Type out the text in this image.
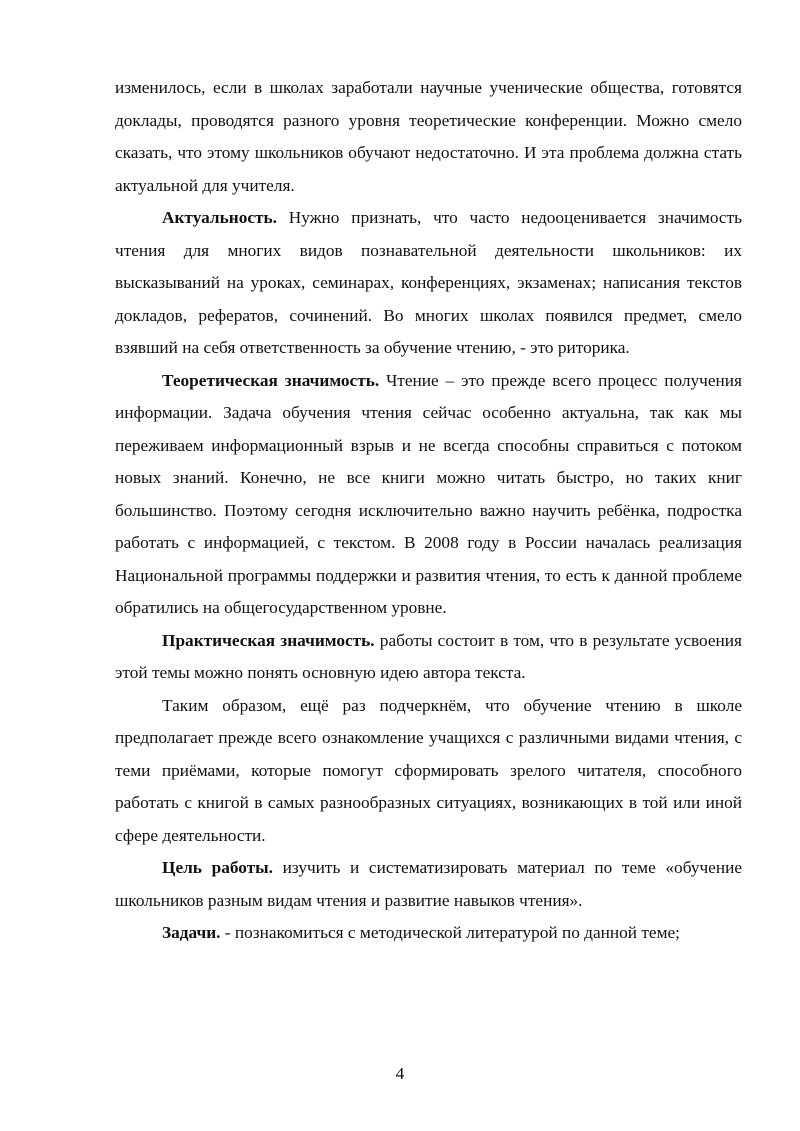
изменилось, если в школах заработали научные ученические общества, готовятся доклады, проводятся разного уровня теоретические конференции. Можно смело сказать, что этому школьников обучают недостаточно. И эта проблема должна стать актуальной для учителя.

Актуальность. Нужно признать, что часто недооценивается значимость чтения для многих видов познавательной деятельности школьников: их высказываний на уроках, семинарах, конференциях, экзаменах; написания текстов докладов, рефератов, сочинений. Во многих школах появился предмет, смело взявший на себя ответственность за обучение чтению, - это риторика.

Теоретическая значимость. Чтение – это прежде всего процесс получения информации. Задача обучения чтения сейчас особенно актуальна, так как мы переживаем информационный взрыв и не всегда способны справиться с потоком новых знаний. Конечно, не все книги можно читать быстро, но таких книг большинство. Поэтому сегодня исключительно важно научить ребёнка, подростка работать с информацией, с текстом. В 2008 году в России началась реализация Национальной программы поддержки и развития чтения, то есть к данной проблеме обратились на общегосударственном уровне.

Практическая значимость. работы состоит в том, что в результате усвоения этой темы можно понять основную идею автора текста.

Таким образом, ещё раз подчеркнём, что обучение чтению в школе предполагает прежде всего ознакомление учащихся с различными видами чтения, с теми приёмами, которые помогут сформировать зрелого читателя, способного работать с книгой в самых разнообразных ситуациях, возникающих в той или иной сфере деятельности.

Цель работы. изучить и систематизировать материал по теме «обучение школьников разным видам чтения и развитие навыков чтения».

Задачи. - познакомиться с методической литературой по данной теме;

4
